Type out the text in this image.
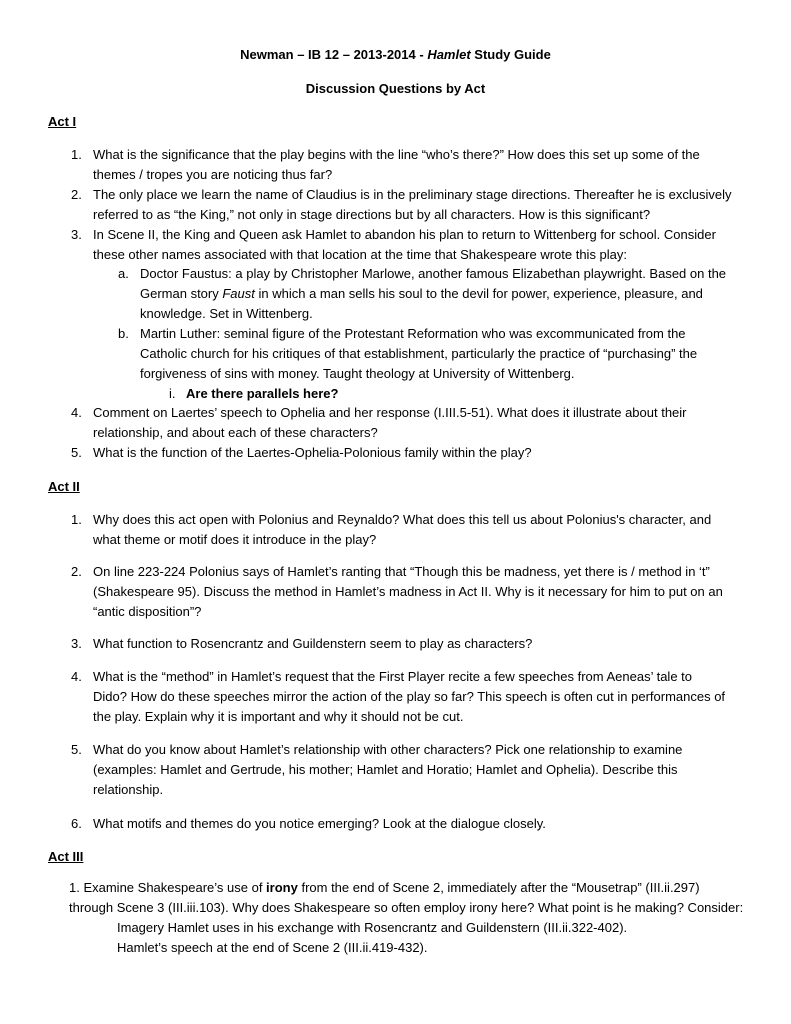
Newman – IB 12 – 2013-2014 - Hamlet Study Guide
Discussion Questions by Act
Act I
1. What is the significance that the play begins with the line “who’s there?” How does this set up some of the
themes / tropes you are noticing thus far?
2. The only place we learn the name of Claudius is in the preliminary stage directions. Thereafter he is exclusively
referred to as “the King,” not only in stage directions but by all characters. How is this significant?
3. In Scene II, the King and Queen ask Hamlet to abandon his plan to return to Wittenberg for school. Consider
these other names associated with that location at the time that Shakespeare wrote this play:
a. Doctor Faustus: a play by Christopher Marlowe, another famous Elizabethan playwright. Based on the
German story Faust in which a man sells his soul to the devil for power, experience, pleasure, and
knowledge. Set in Wittenberg.
b. Martin Luther: seminal figure of the Protestant Reformation who was excommunicated from the
Catholic church for his critiques of that establishment, particularly the practice of “purchasing” the
forgiveness of sins with money. Taught theology at University of Wittenberg.
i. Are there parallels here?
4. Comment on Laertes’ speech to Ophelia and her response (I.III.5-51). What does it illustrate about their
relationship, and about each of these characters?
5. What is the function of the Laertes-Ophelia-Polonious family within the play?
Act II
1. Why does this act open with Polonius and Reynaldo? What does this tell us about Polonius's character, and
what theme or motif does it introduce in the play?
2. On line 223-224 Polonius says of Hamlet’s ranting that “Though this be madness, yet there is / method in ‘t”
(Shakespeare 95). Discuss the method in Hamlet’s madness in Act II. Why is it necessary for him to put on an
“antic disposition”?
3. What function to Rosencrantz and Guildenstern seem to play as characters?
4. What is the “method” in Hamlet’s request that the First Player recite a few speeches from Aeneas’ tale to
Dido? How do these speeches mirror the action of the play so far? This speech is often cut in performances of
the play. Explain why it is important and why it should not be cut.
5. What do you know about Hamlet’s relationship with other characters? Pick one relationship to examine
(examples: Hamlet and Gertrude, his mother; Hamlet and Horatio; Hamlet and Ophelia). Describe this
relationship.
6. What motifs and themes do you notice emerging? Look at the dialogue closely.
Act III
1. Examine Shakespeare’s use of irony from the end of Scene 2, immediately after the “Mousetrap” (III.ii.297)
through Scene 3 (III.iii.103). Why does Shakespeare so often employ irony here? What point is he making? Consider:
Imagery Hamlet uses in his exchange with Rosencrantz and Guildenstern (III.ii.322-402).
Hamlet’s speech at the end of Scene 2 (III.ii.419-432).
